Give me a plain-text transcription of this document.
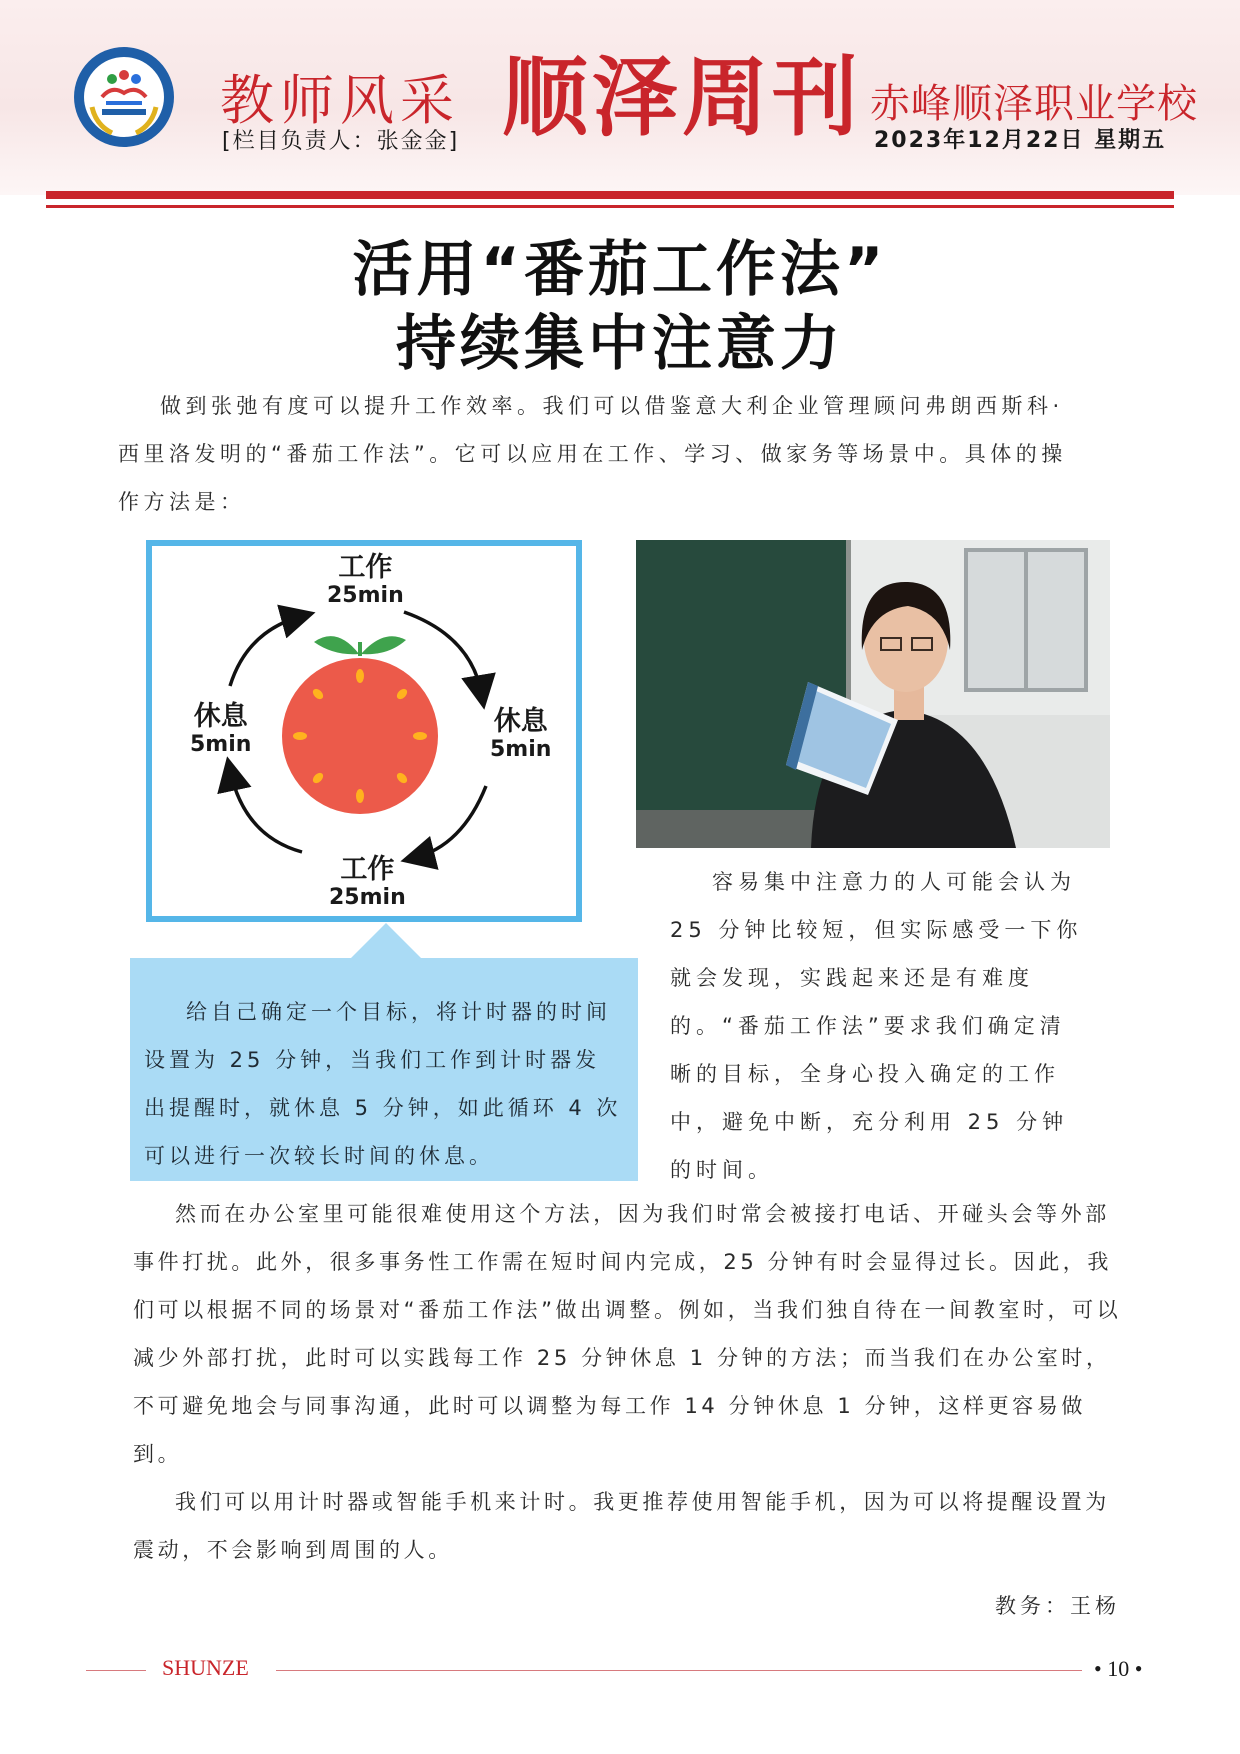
教师风采
[栏目负责人：张金金] 顺泽周刊 赤峰顺泽职业学校
2023年12月22日 星期五
活用“番茄工作法”
持续集中注意力

做到张弛有度可以提升工作效率。我们可以借鉴意大利企业管理顾问弗朗西斯科·西里洛发明的“番茄工作法”。它可以应用在工作、学习、做家务等场景中。具体的操作方法是：

工作
25min
休息
5min
工作
25min
休息
5min

给自己确定一个目标，将计时器的时间设置为 25 分钟，当我们工作到计时器发出提醒时，就休息 5 分钟，如此循环 4 次可以进行一次较长时间的休息。

容易集中注意力的人可能会认为 25 分钟比较短，但实际感受一下你就会发现，实践起来还是有难度的。“番茄工作法”要求我们确定清晰的目标，全身心投入确定的工作中，避免中断，充分利用 25 分钟的时间。

然而在办公室里可能很难使用这个方法，因为我们时常会被接打电话、开碰头会等外部事件打扰。此外，很多事务性工作需在短时间内完成，25 分钟有时会显得过长。因此，我们可以根据不同的场景对“番茄工作法”做出调整。例如，当我们独自待在一间教室时，可以减少外部打扰，此时可以实践每工作 25 分钟休息 1 分钟的方法；而当我们在办公室时，不可避免地会与同事沟通，此时可以调整为每工作 14 分钟休息 1 分钟，这样更容易做到。

我们可以用计时器或智能手机来计时。我更推荐使用智能手机，因为可以将提醒设置为震动，不会影响到周围的人。

教务：王杨
SHUNZE	• 10 •
